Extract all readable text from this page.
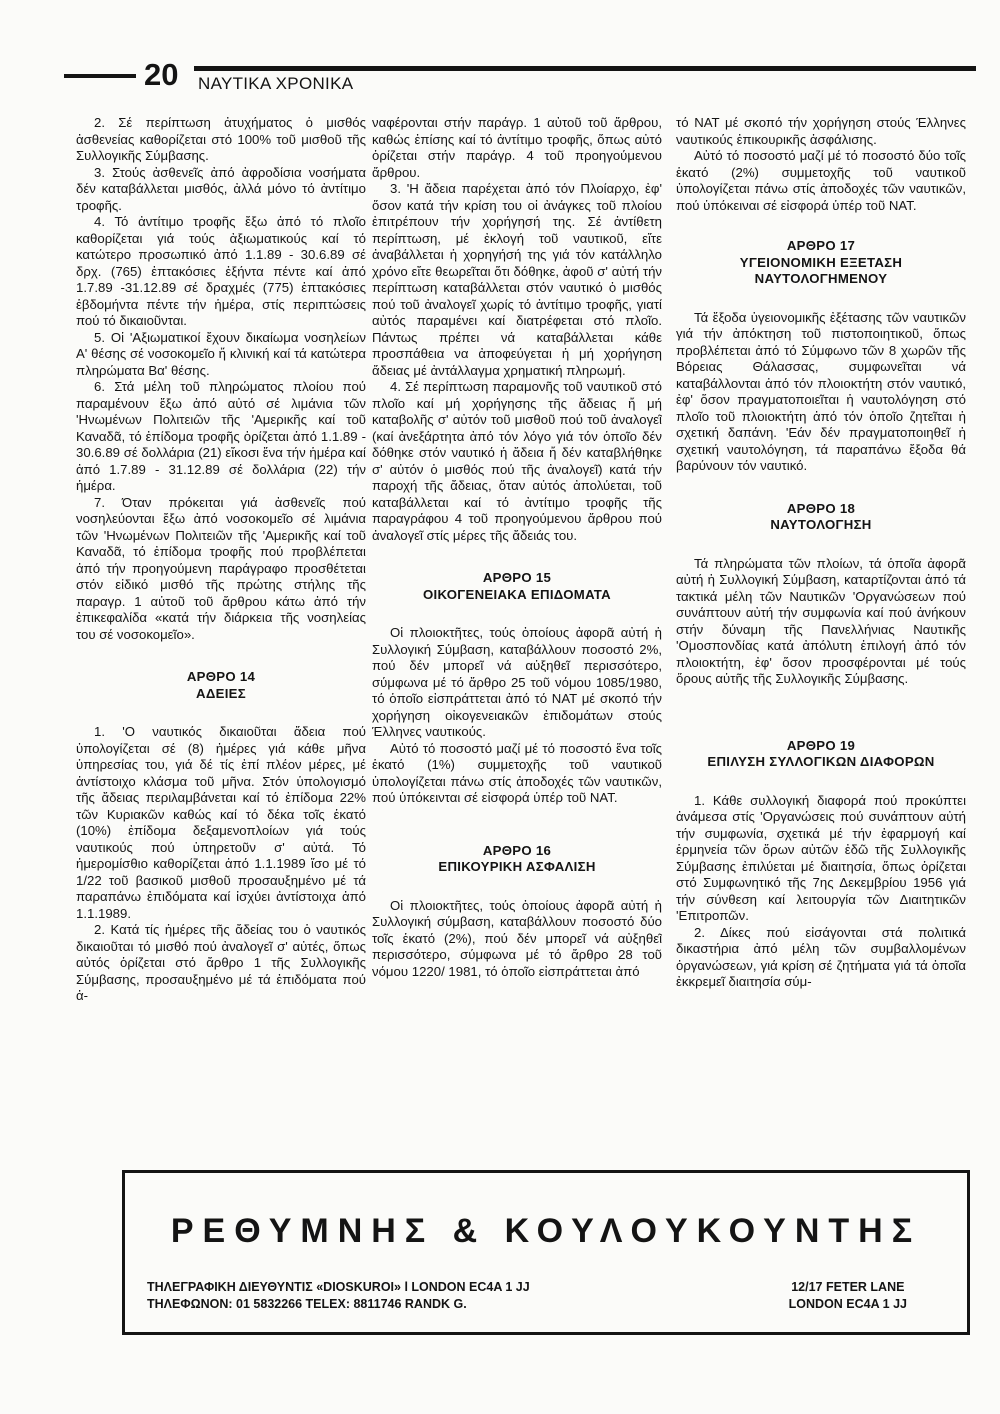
20 ΝΑΥΤΙΚΑ ΧΡΟΝΙΚΑ

2. Σέ περίπτωση ἀτυχήματος ὁ μισθός ἀσθενείας καθορίζεται στό 100% τοῦ μισθοῦ τῆς Συλλογικῆς Σύμβασης.

3. Στούς ἀσθενεῖς ἀπό ἀφροδίσια νοσήματα δέν καταβάλλεται μισθός, ἀλλά μόνο τό ἀντίτιμο τροφῆς.

4. Τό ἀντίτιμο τροφῆς ἔξω ἀπό τό πλοῖο καθορίζεται γιά τούς ἀξιωματικούς καί τό κατώτερο προσωπικό ἀπό 1.1.89 - 30.6.89 σέ δρχ. (765) ἑπτακόσιες ἑξήντα πέντε καί ἀπό 1.7.89 -31.12.89 σέ δραχμές (775) ἑπτακόσιες ἑβδομήντα πέντε τήν ἡμέρα, στίς περιπτώσεις πού τό δικαιοῦνται.

5. Οἱ 'Αξιωματικοί ἔχουν δικαίωμα νοσηλείων Α' θέσης σέ νοσοκομεῖο ἤ κλινική καί τά κατώτερα πληρώματα Βα' θέσης.

6. Στά μέλη τοῦ πληρώματος πλοίου πού παραμένουν ἔξω ἀπό αὐτό σέ λιμάνια τῶν 'Ηνωμένων Πολιτειῶν τῆς 'Αμερικῆς καί τοῦ Καναδᾶ, τό ἐπίδομα τροφῆς ὁρίζεται ἀπό 1.1.89 - 30.6.89 σέ δολλάρια (21) εἴκοσι ἕνα τήν ἡμέρα καί ἀπό 1.7.89 - 31.12.89 σέ δολλάρια (22) τήν ἡμέρα.

7. Όταν πρόκειται γιά ἀσθενεῖς πού νοσηλεύονται ἔξω ἀπό νοσοκομεῖο σέ λιμάνια τῶν 'Ηνωμένων Πολιτειῶν τῆς 'Αμερικῆς καί τοῦ Καναδᾶ, τό ἐπίδομα τροφῆς πού προβλέπεται ἀπό τήν προηγούμενη παράγραφο προσθέτεται στόν εἰδικό μισθό τῆς πρώτης στήλης τῆς παραγρ. 1 αὐτοῦ τοῦ ἄρθρου κάτω ἀπό τήν ἐπικεφαλίδα «κατά τήν διάρκεια τῆς νοσηλείας του σέ νοσοκομεῖο».

ΑΡΘΡΟ 14
ΑΔΕΙΕΣ

1. 'Ο ναυτικός δικαιοῦται ἄδεια πού ὑπολογίζεται σέ (8) ἡμέρες γιά κάθε μῆνα ὑπηρεσίας του, γιά δέ τίς ἐπί πλέον μέρες, μέ ἀντίστοιχο κλάσμα τοῦ μῆνα. Στόν ὑπολογισμό τῆς ἄδειας περιλαμβάνεται καί τό ἐπίδομα 22% τῶν Κυριακῶν καθώς καί τό δέκα τοῖς ἑκατό (10%) ἐπίδομα δεξαμενοπλοίων γιά τούς ναυτικούς πού ὑπηρετοῦν σ' αὐτά. Τό ἡμερομίσθιο καθορίζεται ἀπό 1.1.1989 ἴσο μέ τό 1/22 τοῦ βασικοῦ μισθοῦ προσαυξημένο μέ τά παραπάνω ἐπιδόματα καί ἰσχύει ἀντίστοιχα ἀπό 1.1.1989.

2. Κατά τίς ἡμέρες τῆς ἄδείας του ὁ ναυτικός δικαιοῦται τό μισθό πού ἀναλογεῖ σ' αὐτές, ὅπως αὐτός ὁρίζεται στό ἄρθρο 1 τῆς Συλλογικῆς Σύμβασης, προσαυξημένο μέ τά ἐπιδόματα πού ἀ-

ναφέρονται στήν παράγρ. 1 αὐτοῦ τοῦ ἄρθρου, καθώς ἐπίσης καί τό ἀντίτιμο τροφῆς, ὅπως αὐτό ὁρίζεται στήν παράγρ. 4 τοῦ προηγούμενου ἄρθρου.

3. 'Η ἄδεια παρέχεται ἀπό τόν Πλοίαρχο, ἐφ' ὅσον κατά τήν κρίση του οἱ ἀνάγκες τοῦ πλοίου ἐπιτρέπουν τήν χορήγησή της. Σέ ἀντίθετη περίπτωση, μέ ἐκλογή τοῦ ναυτικοῦ, εἴτε ἀναβάλλεται ἡ χορηγήσή της γιά τόν κατάλληλο χρόνο εἴτε θεωρεῖται ὅτι δόθηκε, ἀφοῦ σ' αὐτή τήν περίπτωση καταβάλλεται στόν ναυτικό ὁ μισθός πού τοῦ ἀναλογεῖ χωρίς τό ἀντίτιμο τροφῆς, γιατί αὐτός παραμένει καί διατρέφεται στό πλοῖο. Πάντως πρέπει νά καταβάλλεται κάθε προσπάθεια να ἀποφεύγεται ἡ μή χορήγηση ἄδειας μέ ἀντάλλαγμα χρηματική πληρωμή.

4. Σέ περίπτωση παραμονῆς τοῦ ναυτικοῦ στό πλοῖο καί μή χορήγησης τῆς ἄδειας ἤ μή καταβολῆς σ' αὐτόν τοῦ μισθοῦ πού τοῦ ἀναλογεῖ (καί ἀνεξάρτητα ἀπό τόν λόγο γιά τόν ὁποῖο δέν δόθηκε στόν ναυτικό ἡ ἄδεια ἤ δέν καταβλήθηκε σ' αὐτόν ὁ μισθός πού τῆς ἀναλογεῖ) κατά τήν παροχή τῆς ἄδειας, ὅταν αὐτός ἀπολύεται, τοῦ καταβάλλεται καί τό ἀντίτιμο τροφῆς τῆς παραγράφου 4 τοῦ προηγούμενου ἄρθρου πού ἀναλογεῖ στίς μέρες τῆς ἄδειάς του.

ΑΡΘΡΟ 15
ΟΙΚΟΓΕΝΕΙΑΚΑ ΕΠΙΔΟΜΑΤΑ

Οἱ πλοιοκτῆτες, τούς ὁποίους ἀφορᾶ αὐτή ἡ Συλλογική Σύμβαση, καταβάλλουν ποσοστό 2%, πού δέν μπορεῖ νά αὐξηθεῖ περισσότερο, σύμφωνα μέ τό ἄρθρο 25 τοῦ νόμου 1085/1980, τό ὁποῖο εἰσπράττεται ἀπό τό ΝΑΤ μέ σκοπό τήν χορήγηση οἰκογενειακῶν ἐπιδομάτων στούς Έλληνες ναυτικούς.

Αὐτό τό ποσοστό μαζί μέ τό ποσοστό ἕνα τοῖς ἑκατό (1%) συμμετοχῆς τοῦ ναυτικοῦ ὑπολογίζεται πάνω στίς ἀποδοχές τῶν ναυτικῶν, πού ὑπόκεινται σέ εἰσφορά ὑπέρ τοῦ ΝΑΤ.

ΑΡΘΡΟ 16
ΕΠΙΚΟΥΡΙΚΗ ΑΣΦΑΛΙΣΗ

Οἱ πλοιοκτῆτες, τούς ὁποίους ἀφορᾶ αὐτή ἡ Συλλογική σύμβαση, καταβάλλουν ποσοστό δύο τοῖς ἑκατό (2%), πού δέν μπορεῖ νά αὐξηθεῖ περισσότερο, σύμφωνα μέ τό ἄρθρο 28 τοῦ νόμου 1220/ 1981, τό ὁποῖο εἰσπράττεται ἀπό

τό ΝΑΤ μέ σκοπό τήν χορήγηση στούς Έλληνες ναυτικούς ἐπικουρικῆς ἀσφάλισης.

Αὐτό τό ποσοστό μαζί μέ τό ποσοστό δύο τοῖς ἑκατό (2%) συμμετοχῆς τοῦ ναυτικοῦ ὑπολογίζεται πάνω στίς ἀποδοχές τῶν ναυτικῶν, πού ὑπόκειναι σέ εἰσφορά ὑπέρ τοῦ ΝΑΤ.

ΑΡΘΡΟ 17
ΥΓΕΙΟΝΟΜΙΚΗ ΕΞΕΤΑΣΗ ΝΑΥΤΟΛΟΓΗΜΕΝΟΥ

Τά ἔξοδα ὑγειονομικῆς ἐξέτασης τῶν ναυτικῶν γιά τήν ἀπόκτηση τοῦ πιστοποιητικοῦ, ὅπως προβλέπεται ἀπό τό Σύμφωνο τῶν 8 χωρῶν τῆς Βόρειας Θάλασσας, συμφωνεῖται νά καταβάλλονται ἀπό τόν πλοιοκτήτη στόν ναυτικό, ἐφ' ὅσον πραγματοποιεῖται ἡ ναυτολόγηση στό πλοῖο τοῦ πλοιοκτήτη ἀπό τόν ὁποῖο ζητεῖται ἡ σχετική δαπάνη. 'Εάν δέν πραγματοποιηθεῖ ἡ σχετική ναυτολόγηση, τά παραπάνω ἔξοδα θά βαρύνουν τόν ναυτικό.

ΑΡΘΡΟ 18
ΝΑΥΤΟΛΟΓΗΣΗ

Τά πληρώματα τῶν πλοίων, τά ὁποῖα ἀφορᾶ αὐτή ἡ Συλλογική Σύμβαση, καταρτίζονται ἀπό τά τακτικά μέλη τῶν Ναυτικῶν 'Οργανώσεων πού συνάπτουν αὐτή τήν συμφωνία καί πού ἀνήκουν στήν δύναμη τῆς Πανελλήνιας Ναυτικῆς 'Ομοσπονδίας κατά ἀπόλυτη ἐπιλογή ἀπό τόν πλοιοκτήτη, ἐφ' ὅσον προσφέρονται μέ τούς ὅρους αὐτῆς τῆς Συλλογικῆς Σύμβασης.

ΑΡΘΡΟ 19
ΕΠΙΛΥΣΗ ΣΥΛΛΟΓΙΚΩΝ ΔΙΑΦΟΡΩΝ

1. Κάθε συλλογική διαφορά πού προκύπτει ἀνάμεσα στίς 'Οργανώσεις πού συνάπτουν αὐτή τήν συμφωνία, σχετικά μέ τήν ἐφαρμογή καί ἑρμηνεία τῶν ὅρων αὐτῶν ἐδῶ τῆς Συλλογικῆς Σύμβασης ἐπιλύεται μέ διαιτησία, ὅπως ὁρίζεται στό Συμφωνητικό τῆς 7ης Δεκεμβρίου 1956 γιά τήν σύνθεση καί λειτουργία τῶν Διαιτητικῶν 'Επιτροπῶν.

2. Δίκες πού εἰσάγονται στά πολιτικά δικαστήρια ἀπό μέλη τῶν συμβαλλομένων ὀργανώσεων, γιά κρίση σέ ζητήματα γιά τά ὁποῖα ἐκκρεμεῖ διαιτησία σύμ-

ΡΕΘΥΜΝΗΣ & ΚΟΥΛΟΥΚΟΥΝΤΗΣ
ΤΗΛΕΓΡΑΦΙΚΗ ΔΙΕΥΘΥΝΤΙΣ «DIOSKUROI» l LONDON EC4A 1 JJ
ΤΗΛΕΦΩΝΟΝ: 01 5832266 TELEX: 8811746 RANDK G.
12/17 FETER LANE
LONDON EC4A 1 JJ
